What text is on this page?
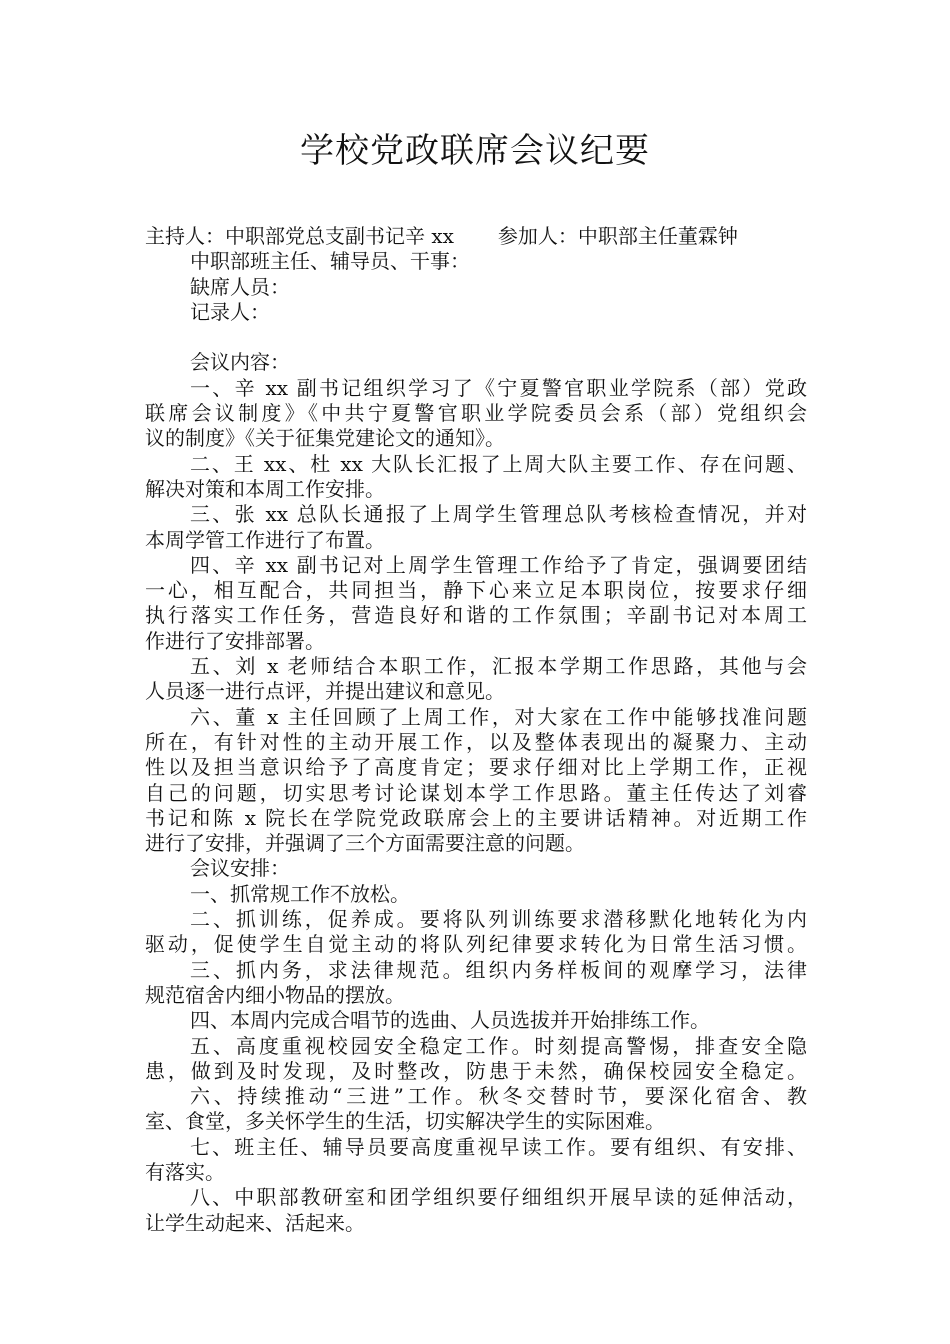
学校党政联席会议纪要
主持人：中职部党总支副书记辛 xx 参加人：中职部主任董霖钟
中职部班主任、辅导员、干事：
缺席人员：
记录人：
会议内容：
一、辛 xx 副书记组织学习了《宁夏警官职业学院系（部）党政
联席会议制度》《中共宁夏警官职业学院委员会系（部）党组织会
议的制度》《关于征集党建论文的通知》。
二、王 xx、杜 xx 大队长汇报了上周大队主要工作、存在问题、
解决对策和本周工作安排。
三、张 xx 总队长通报了上周学生管理总队考核检查情况，并对
本周学管工作进行了布置。
四、辛 xx 副书记对上周学生管理工作给予了肯定，强调要团结
一心，相互配合，共同担当，静下心来立足本职岗位，按要求仔细
执行落实工作任务，营造良好和谐的工作氛围；辛副书记对本周工
作进行了安排部署。
五、刘 x 老师结合本职工作，汇报本学期工作思路，其他与会
人员逐一进行点评，并提出建议和意见。
六、董 x 主任回顾了上周工作，对大家在工作中能够找准问题
所在，有针对性的主动开展工作，以及整体表现出的凝聚力、主动
性以及担当意识给予了高度肯定；要求仔细对比上学期工作，正视
自己的问题，切实思考讨论谋划本学工作思路。董主任传达了刘睿
书记和陈 x 院长在学院党政联席会上的主要讲话精神。对近期工作
进行了安排，并强调了三个方面需要注意的问题。
会议安排：
一、抓常规工作不放松。
二、抓训练，促养成。要将队列训练要求潜移默化地转化为内
驱动，促使学生自觉主动的将队列纪律要求转化为日常生活习惯。
三、抓内务，求法律规范。组织内务样板间的观摩学习，法律
规范宿舍内细小物品的摆放。
四、本周内完成合唱节的选曲、人员选拔并开始排练工作。
五、高度重视校园安全稳定工作。时刻提高警惕，排查安全隐
患，做到及时发现，及时整改，防患于未然，确保校园安全稳定。
六、持续推动“三进”工作。秋冬交替时节，要深化宿舍、教
室、食堂，多关怀学生的生活，切实解决学生的实际困难。
七、班主任、辅导员要高度重视早读工作。要有组织、有安排、
有落实。
八、中职部教研室和团学组织要仔细组织开展早读的延伸活动，
让学生动起来、活起来。
